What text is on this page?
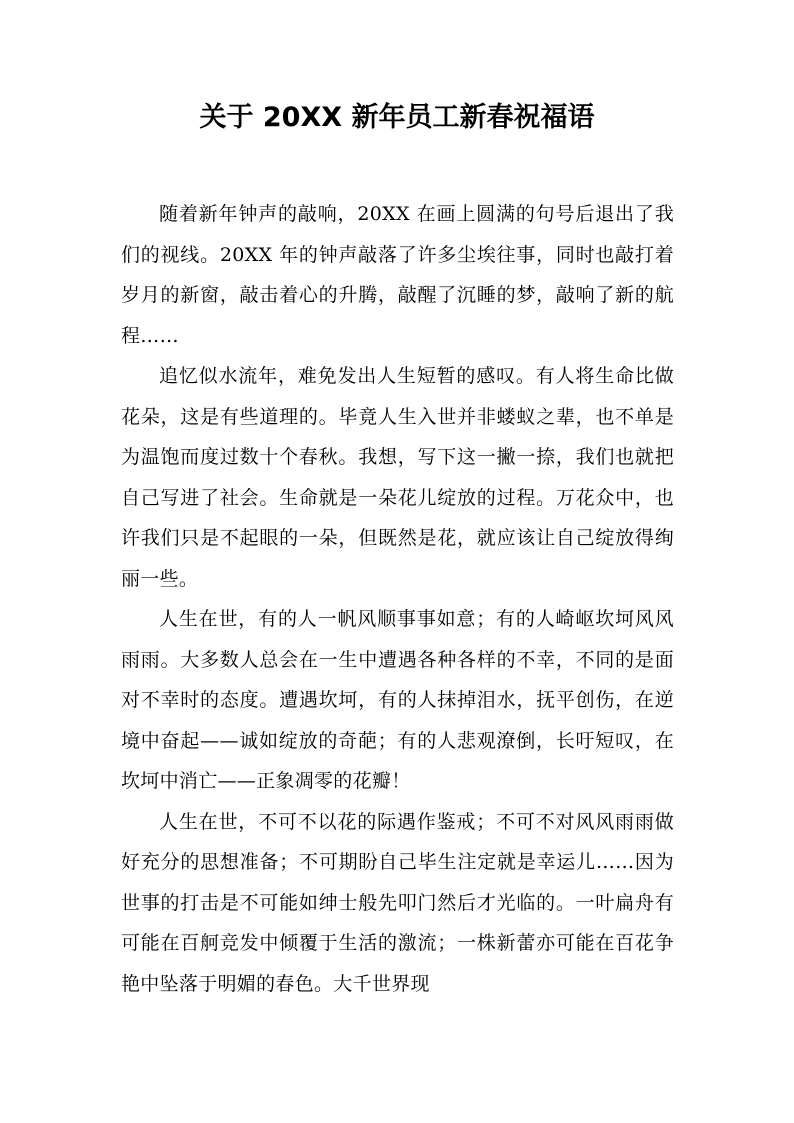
关于 20XX 新年员工新春祝福语

随着新年钟声的敲响，20XX 在画上圆满的句号后退出了我们的视线。20XX 年的钟声敲落了许多尘埃往事，同时也敲打着岁月的新窗，敲击着心的升腾，敲醒了沉睡的梦，敲响了新的航程……

追忆似水流年，难免发出人生短暂的感叹。有人将生命比做花朵，这是有些道理的。毕竟人生入世并非蝼蚁之辈，也不单是为温饱而度过数十个春秋。我想，写下这一撇一捺，我们也就把自己写进了社会。生命就是一朵花儿绽放的过程。万花众中，也许我们只是不起眼的一朵，但既然是花，就应该让自己绽放得绚丽一些。

人生在世，有的人一帆风顺事事如意；有的人崎岖坎坷风风雨雨。大多数人总会在一生中遭遇各种各样的不幸，不同的是面对不幸时的态度。遭遇坎坷，有的人抹掉泪水，抚平创伤，在逆境中奋起——诚如绽放的奇葩；有的人悲观潦倒，长吁短叹，在坎坷中消亡——正象凋零的花瓣！

人生在世，不可不以花的际遇作鉴戒；不可不对风风雨雨做好充分的思想准备；不可期盼自己毕生注定就是幸运儿……因为世事的打击是不可能如绅士般先叩门然后才光临的。一叶扁舟有可能在百舸竞发中倾覆于生活的激流；一株新蕾亦可能在百花争艳中坠落于明媚的春色。大千世界现
